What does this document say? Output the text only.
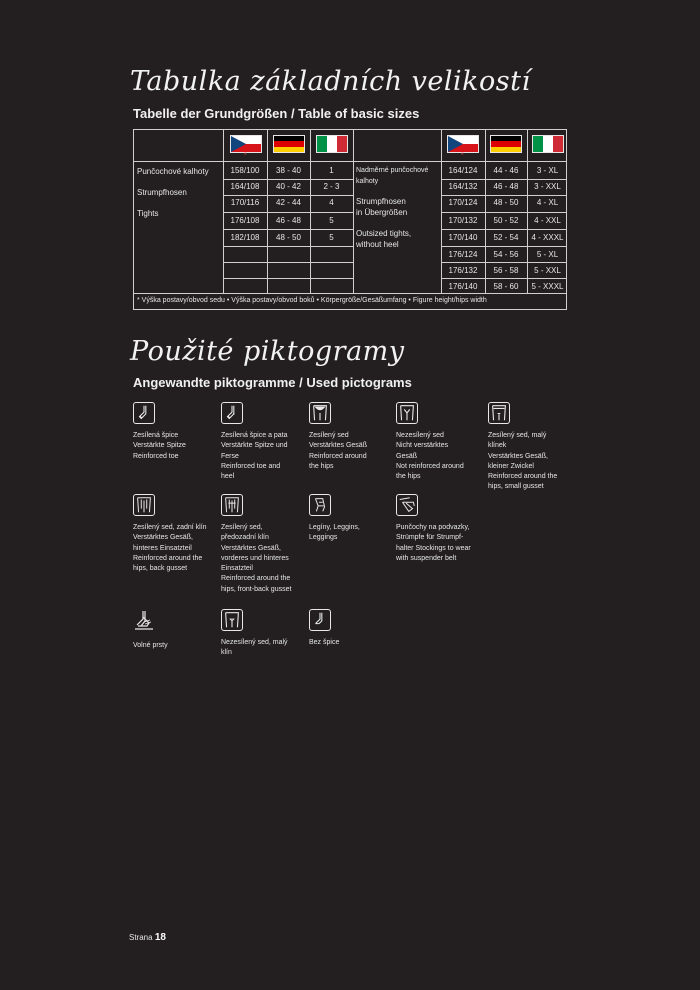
Tabulka základních velikostí
Tabelle der Grundgrößen / Table of basic sizes
*	*
Punčochové kalhoty
Strumpfhosen
Tights
Nadměrné punčochové
kalhoty
Strumpfhosen
in Übergrößen
Outsized tights,
without heel
158/100	38 - 40	1
164/108	40 - 42	2 - 3
170/116	42 - 44	4
176/108	46 - 48	5
182/108	48 - 50	5
164/124	44 - 46	3 - XL
164/132	46 - 48	3 - XXL
170/124	48 - 50	4 - XL
170/132	50 - 52	4 - XXL
170/140	52 - 54	4 - XXXL
176/124	54 - 56	5 - XL
176/132	56 - 58	5 - XXL
176/140	58 - 60	5 - XXXL
* Výška postavy/obvod sedu • Výška postavy/obvod boků • Körpergröße/Gesäßumfang • Figure height/hips width
Použité piktogramy
Angewandte piktogramme / Used pictograms
Zesílená špice
Verstärkte Spitze
Reinforced toe
Zesílená špice a pata
Verstärkte Spitze und
Ferse
Reinforced toe and
heel
Zesílený sed
Verstärktes Gesäß
Reinforced around
the hips
Nezesílený sed
Nicht verstärktes
Gesäß
Not reinforced around
the hips
Zesílený sed, malý
klínek
Verstärktes Gesäß,
kleiner Zwickel
Reinforced around the
hips, small gusset
Zesílený sed, zadní klín
Verstärktes Gesäß,
hinteres Einsatzteil
Reinforced around the
hips, back gusset
Zesílený sed,
předozadní klín
Verstärktes Gesäß,
vorderes und hinteres
Einsatzteil
Reinforced around the
hips, front-back gusset
Legíny, Leggins,
Leggings
Punčochy na podvazky,
Strümpfe für Strumpf-
halter Stockings to wear
with suspender belt
Volné prsty	Nezesílený sed, malý
klín
Bez špice
Strana 18
